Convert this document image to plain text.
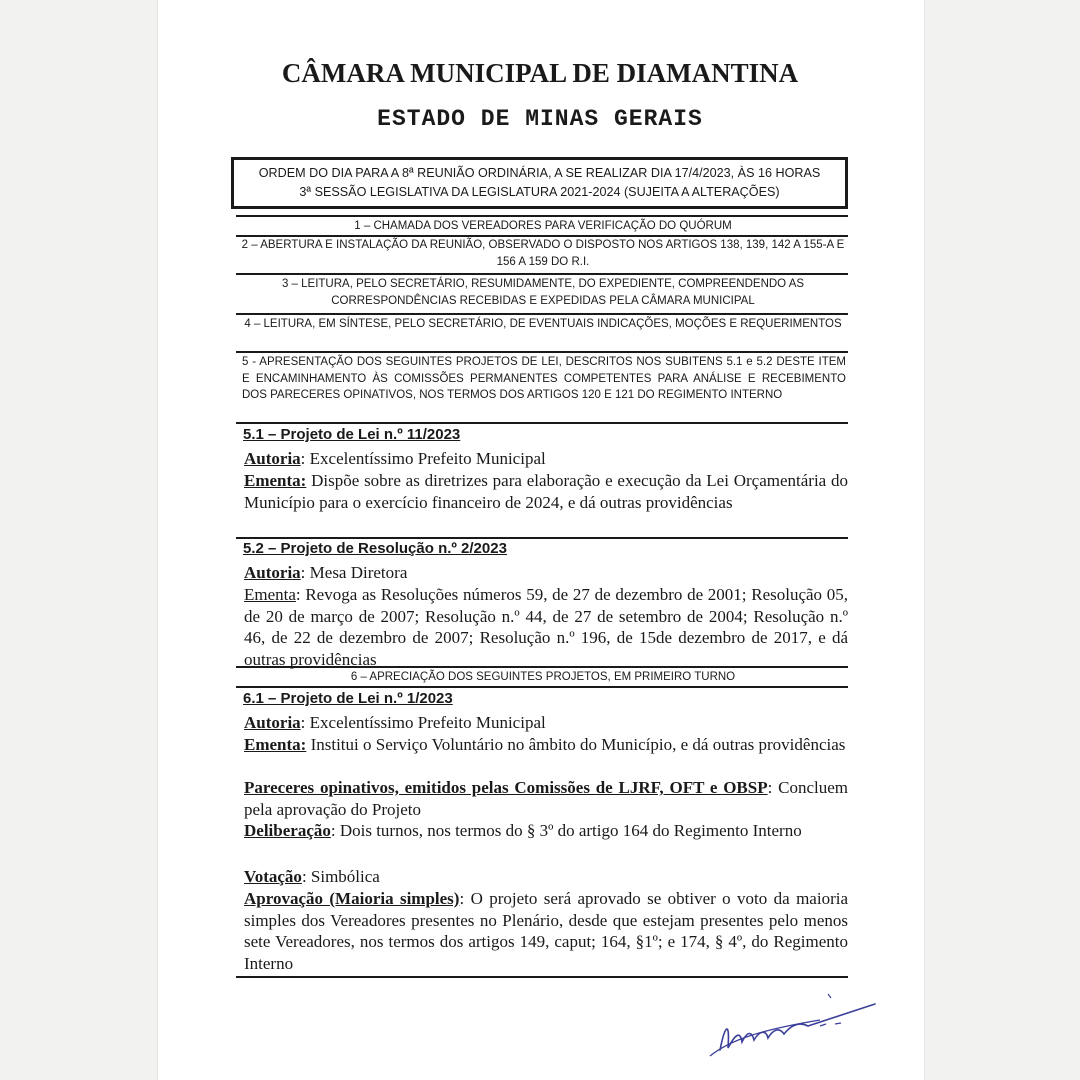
CÂMARA MUNICIPAL DE DIAMANTINA
ESTADO DE MINAS GERAIS
ORDEM DO DIA PARA A 8ª REUNIÃO ORDINÁRIA, A SE REALIZAR DIA 17/4/2023, ÀS 16 HORAS
3ª SESSÃO LEGISLATIVA DA LEGISLATURA 2021-2024 (SUJEITA A ALTERAÇÕES)
1 – CHAMADA DOS VEREADORES PARA VERIFICAÇÃO DO QUÓRUM
2 – ABERTURA E INSTALAÇÃO DA REUNIÃO, OBSERVADO O DISPOSTO NOS ARTIGOS 138, 139, 142 A 155-A E 156 A 159 DO R.I.
3 – LEITURA, PELO SECRETÁRIO, RESUMIDAMENTE, DO EXPEDIENTE, COMPREENDENDO AS CORRESPONDÊNCIAS RECEBIDAS E EXPEDIDAS PELA CÂMARA MUNICIPAL
4 – LEITURA, EM SÍNTESE, PELO SECRETÁRIO, DE EVENTUAIS INDICAÇÕES, MOÇÕES E REQUERIMENTOS
5 - APRESENTAÇÃO DOS SEGUINTES PROJETOS DE LEI, DESCRITOS NOS SUBITENS 5.1 e 5.2 DESTE ITEM E ENCAMINHAMENTO ÀS COMISSÕES PERMANENTES COMPETENTES PARA ANÁLISE E RECEBIMENTO DOS PARECERES OPINATIVOS, NOS TERMOS DOS ARTIGOS 120 E 121 DO REGIMENTO INTERNO
5.1 – Projeto de Lei n.º 11/2023
Autoria: Excelentíssimo Prefeito Municipal
Ementa: Dispõe sobre as diretrizes para elaboração e execução da Lei Orçamentária do Município para o exercício financeiro de 2024, e dá outras providências
5.2 – Projeto de Resolução n.º 2/2023
Autoria: Mesa Diretora
Ementa: Revoga as Resoluções números 59, de 27 de dezembro de 2001; Resolução 05, de 20 de março de 2007; Resolução n.º 44, de 27 de setembro de 2004; Resolução n.º 46, de 22 de dezembro de 2007; Resolução n.º 196, de 15de dezembro de 2017, e dá outras providências
6 – APRECIAÇÃO DOS SEGUINTES PROJETOS, EM PRIMEIRO TURNO
6.1 – Projeto de Lei n.º 1/2023
Autoria: Excelentíssimo Prefeito Municipal
Ementa: Institui o Serviço Voluntário no âmbito do Município, e dá outras providências
Pareceres opinativos, emitidos pelas Comissões de LJRF, OFT e OBSP: Concluem pela aprovação do Projeto
Deliberação: Dois turnos, nos termos do § 3º do artigo 164 do Regimento Interno
Votação: Simbólica
Aprovação (Maioria simples): O projeto será aprovado se obtiver o voto da maioria simples dos Vereadores presentes no Plenário, desde que estejam presentes pelo menos sete Vereadores, nos termos dos artigos 149, caput; 164, §1º; e 174, § 4º, do Regimento Interno
